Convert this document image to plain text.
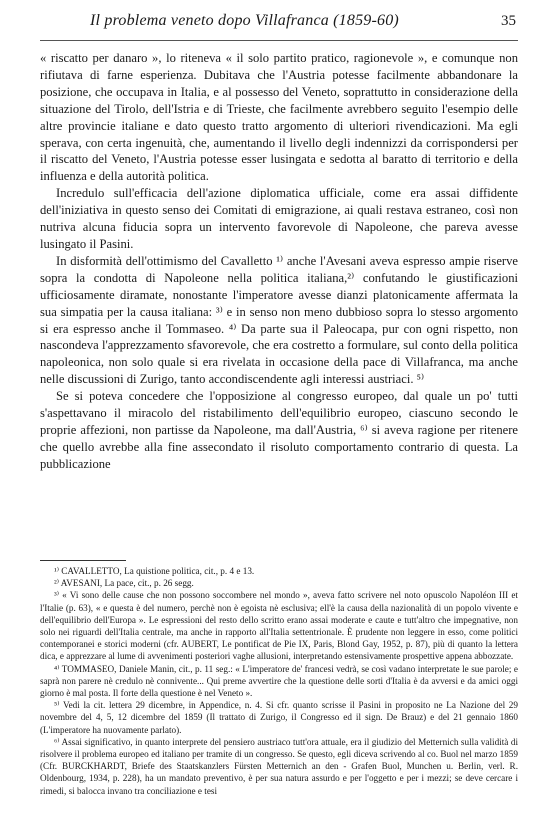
Il problema veneto dopo Villafranca (1859-60)	35

« riscatto per danaro », lo riteneva « il solo partito pratico, ragionevole », e comunque non rifiutava di farne esperienza. Dubitava che l'Austria potesse facilmente abbandonare la posizione, che occupava in Italia, e al possesso del Veneto, soprattutto in considerazione della situazione del Tirolo, dell'Istria e di Trieste, che facilmente avrebbero seguito l'esempio delle altre provincie italiane e dato questo tratto argomento di ulteriori rivendicazioni. Ma egli sperava, con certa ingenuità, che, aumentando il livello degli indennizzi da corrispondersi per il riscatto del Veneto, l'Austria potesse esser lusingata e sedotta al baratto di territorio e della influenza e della autorità politica.

Incredulo sull'efficacia dell'azione diplomatica ufficiale, come era assai diffidente dell'iniziativa in questo senso dei Comitati di emigrazione, ai quali restava estraneo, così non nutriva alcuna fiducia sopra un intervento favorevole di Napoleone, che pareva avesse lusingato il Pasini.

In disformità dell'ottimismo del Cavalletto ¹⁾ anche l'Avesani aveva espresso ampie riserve sopra la condotta di Napoleone nella politica italiana,²⁾ confutando le giustificazioni ufficiosamente diramate, nonostante l'imperatore avesse dianzi platonicamente affermata la sua simpatia per la causa italiana: ³⁾ e in senso non meno dubbioso sopra lo stesso argomento si era espresso anche il Tommaseo. ⁴⁾ Da parte sua il Paleocapa, pur con ogni rispetto, non nascondeva l'apprezzamento sfavorevole, che era costretto a formulare, sul conto della politica napoleonica, non solo quale si era rivelata in occasione della pace di Villafranca, ma anche nelle discussioni di Zurigo, tanto accondiscendente agli interessi austriaci. ⁵⁾

Se si poteva concedere che l'opposizione al congresso europeo, dal quale un po' tutti s'aspettavano il miracolo del ristabilimento dell'equilibrio europeo, ciascuno secondo le proprie affezioni, non partisse da Napoleone, ma dall'Austria, ⁶⁾ si aveva ragione per ritenere che quello avrebbe alla fine assecondato il risoluto comportamento contrario di questa. La pubblicazione

¹⁾ CAVALLETTO, La quistione politica, cit., p. 4 e 13.

²⁾ AVESANI, La pace, cit., p. 26 segg.

³⁾ « Vi sono delle cause che non possono soccombere nel mondo », aveva fatto scrivere nel noto opuscolo Napoléon III et l'Italie (p. 63), « e questa è del numero, perchè non è egoista nè esclusiva; ell'è la causa della nazionalità di un popolo vivente e dell'equilibrio dell'Europa ». Le espressioni del resto dello scritto erano assai moderate e caute e tutt'altro che impegnative, non solo nei riguardi dell'Italia centrale, ma anche in rapporto all'Italia settentrionale. È prudente non leggere in esso, come politici contemporanei e storici moderni (cfr. AUBERT, Le pontificat de Pie IX, Paris, Blond Gay, 1952, p. 87), più di quanto la lettera dica, e apprezzare al lume di avvenimenti posteriori vaghe allusioni, interpretando estensivamente prospettive appena abbozzate.

⁴⁾ TOMMASEO, Daniele Manin, cit., p. 11 seg.: « L'imperatore de' francesi vedrà, se così vadano interpretate le sue parole; e saprà non parere nè credulo nè connivente... Qui preme avvertire che la questione delle sorti d'Italia è da avversi e da amici oggi giorno è mal posta. Il forte della questione è nel Veneto ».

⁵⁾ Vedi la cit. lettera 29 dicembre, in Appendice, n. 4. Si cfr. quanto scrisse il Pasini in proposito ne La Nazione del 29 novembre del 4, 5, 12 dicembre del 1859 (Il trattato di Zurigo, il Congresso ed il sign. De Brauz) e del 21 gennaio 1860 (L'imperatore ha nuovamente parlato).

⁶⁾ Assai significativo, in quanto interprete del pensiero austriaco tutt'ora attuale, era il giudizio del Metternich sulla validità di risolvere il problema europeo ed italiano per tramite di un congresso. Se questo, egli diceva scrivendo al co. Buol nel marzo 1859 (Cfr. BURCKHARDT, Briefe des Staatskanzlers Fürsten Metternich an den - Grafen Buol, Munchen u. Berlin, verl. R. Oldenbourg, 1934, p. 228), ha un mandato preventivo, è per sua natura assurdo e per l'oggetto e per i mezzi; se deve cercare i rimedi, si balocca invano tra conciliazione e tesi
